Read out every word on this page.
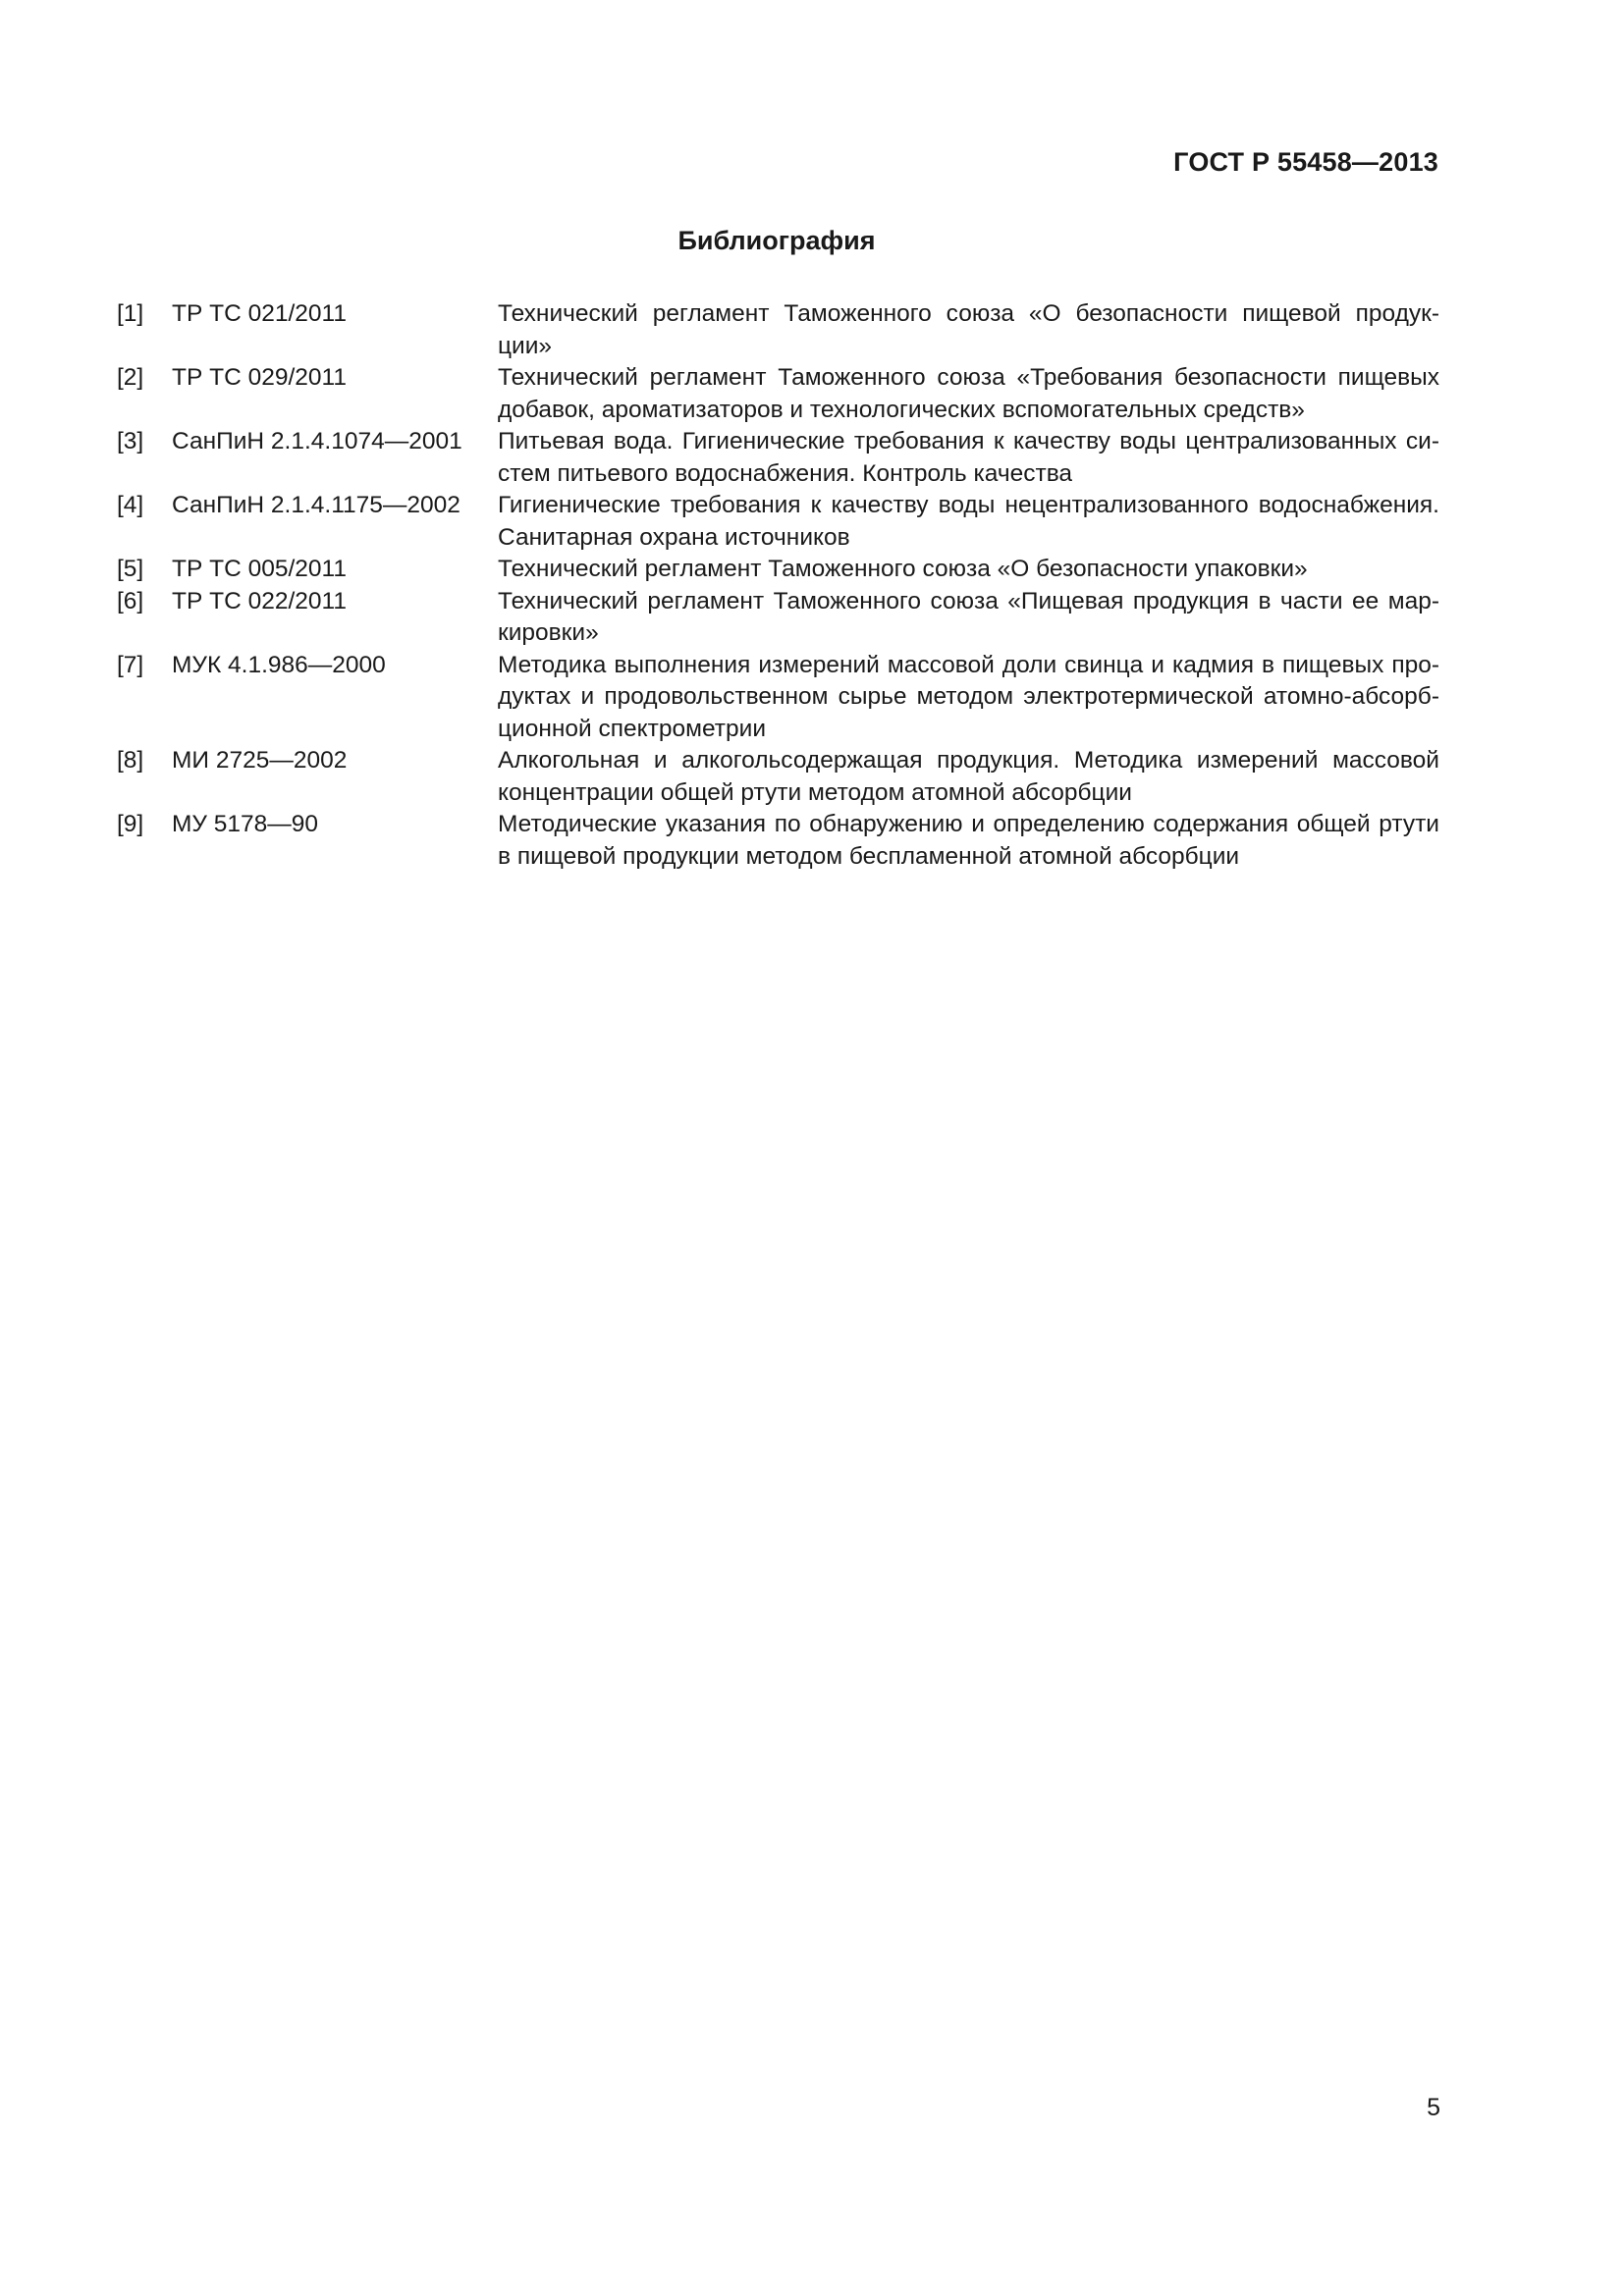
ГОСТ Р 55458—2013
Библиография
[1]	ТР ТС 021/2011	Технический регламент Таможенного союза «О безопасности пищевой продук-
ции»
[2]	ТР ТС 029/2011	Технический регламент Таможенного союза «Требования безопасности пищевых
добавок, ароматизаторов и технологических вспомогательных средств»
[3]	СанПиН 2.1.4.1074—2001	Питьевая вода. Гигиенические требования к качеству воды централизованных си-
стем питьевого водоснабжения. Контроль качества
[4]	СанПиН 2.1.4.1175—2002	Гигиенические требования к качеству воды нецентрализованного водоснабжения.
Санитарная охрана источников
[5]	ТР ТС 005/2011	Технический регламент Таможенного союза «О безопасности упаковки»
[6]	ТР ТС 022/2011	Технический регламент Таможенного союза «Пищевая продукция в части ее мар-
кировки»
[7]	МУК 4.1.986—2000	Методика выполнения измерений массовой доли свинца и кадмия в пищевых про-
дуктах и продовольственном сырье методом электротермической атомно-абсорб-
ционной спектрометрии
[8]	МИ 2725—2002	Алкогольная и алкогольсодержащая продукция. Методика измерений массовой
концентрации общей ртути методом атомной абсорбции
[9]	МУ 5178—90	Методические указания по обнаружению и определению содержания общей ртути
в пищевой продукции методом беспламенной атомной абсорбции
5
